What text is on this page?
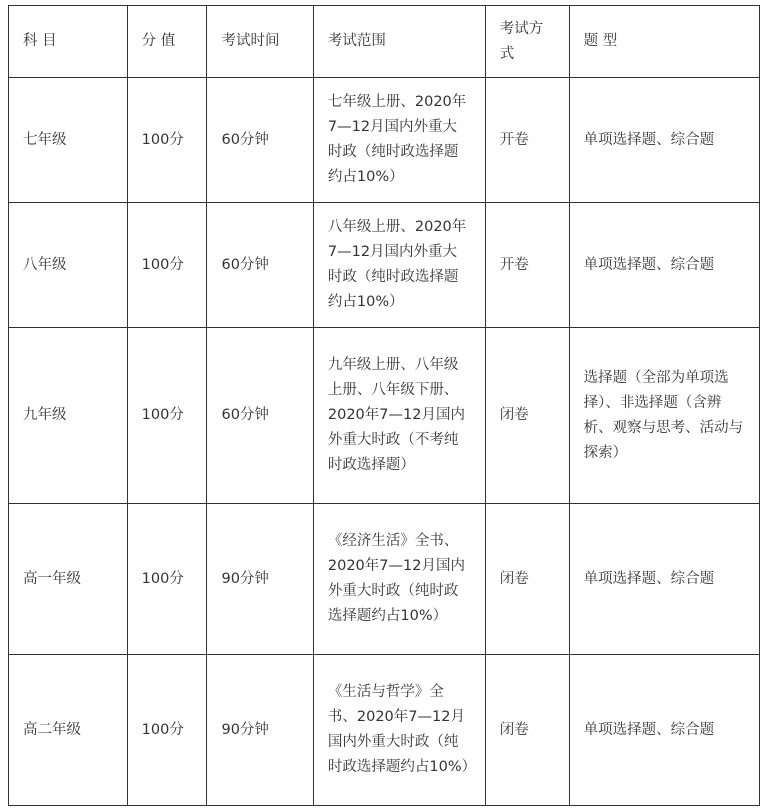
科 目	分 值	考试时间	考试范围	考试方式	题 型
七年级	100分	60分钟	七年级上册、2020年7—12月国内外重大时政（纯时政选择题约占10%）	开卷	单项选择题、综合题
八年级	100分	60分钟	八年级上册、2020年7—12月国内外重大时政（纯时政选择题约占10%）	开卷	单项选择题、综合题
九年级	100分	60分钟	九年级上册、八年级上册、八年级下册、2020年7—12月国内外重大时政（不考纯时政选择题）	闭卷	选择题（全部为单项选择）、非选择题（含辨析、观察与思考、活动与探索）
高一年级	100分	90分钟	《经济生活》全书、2020年7—12月国内外重大时政（纯时政选择题约占10%）	闭卷	单项选择题、综合题
高二年级	100分	90分钟	《生活与哲学》全书、2020年7—12月国内外重大时政（纯时政选择题约占10%）	闭卷	单项选择题、综合题
